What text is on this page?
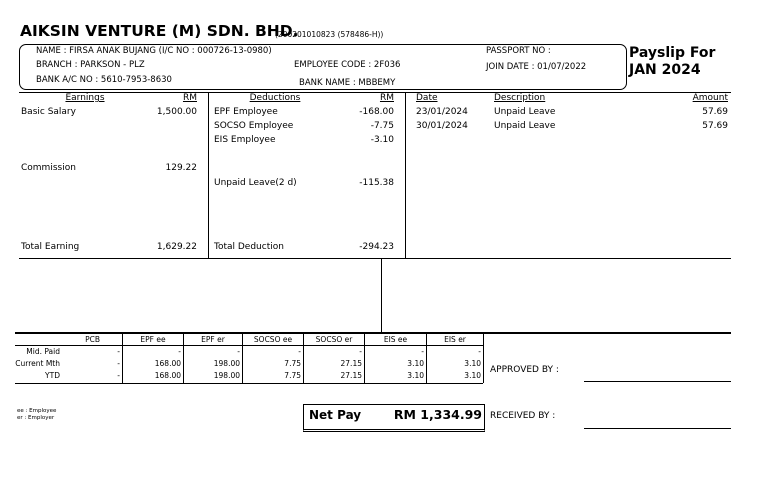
AIKSIN VENTURE (M) SDN. BHD.
(200201010823 (578486-H))
NAME : FIRSA ANAK BUJANG (I/C NO : 000726-13-0980)
BRANCH : PARKSON - PLZ
BANK A/C NO : 5610-7953-8630
EMPLOYEE CODE : 2F036
BANK NAME : MBBEMY
PASSPORT NO :
JOIN DATE : 01/07/2022
Payslip For
JAN 2024
Earnings	RM
Basic Salary	1,500.00
Commission	129.22
Total Earning	1,629.22
Deductions	RM
EPF Employee	-168.00
SOCSO Employee	-7.75
EIS Employee	-3.10
Unpaid Leave(2 d)	-115.38
Total Deduction	-294.23
Date	Description	Amount
23/01/2024	Unpaid Leave	57.69
30/01/2024	Unpaid Leave	57.69
PCB	EPF ee	EPF er	SOCSO ee	SOCSO er	EIS ee	EIS er
Mid. Paid	-	-	-	-	-	-	-
Current Mth	-	168.00	198.00	7.75	27.15	3.10	3.10
YTD	-	168.00	198.00	7.75	27.15	3.10	3.10
APPROVED BY :
RECEIVED BY :
ee : Employee
er : Employer	Net Pay	RM 1,334.99
